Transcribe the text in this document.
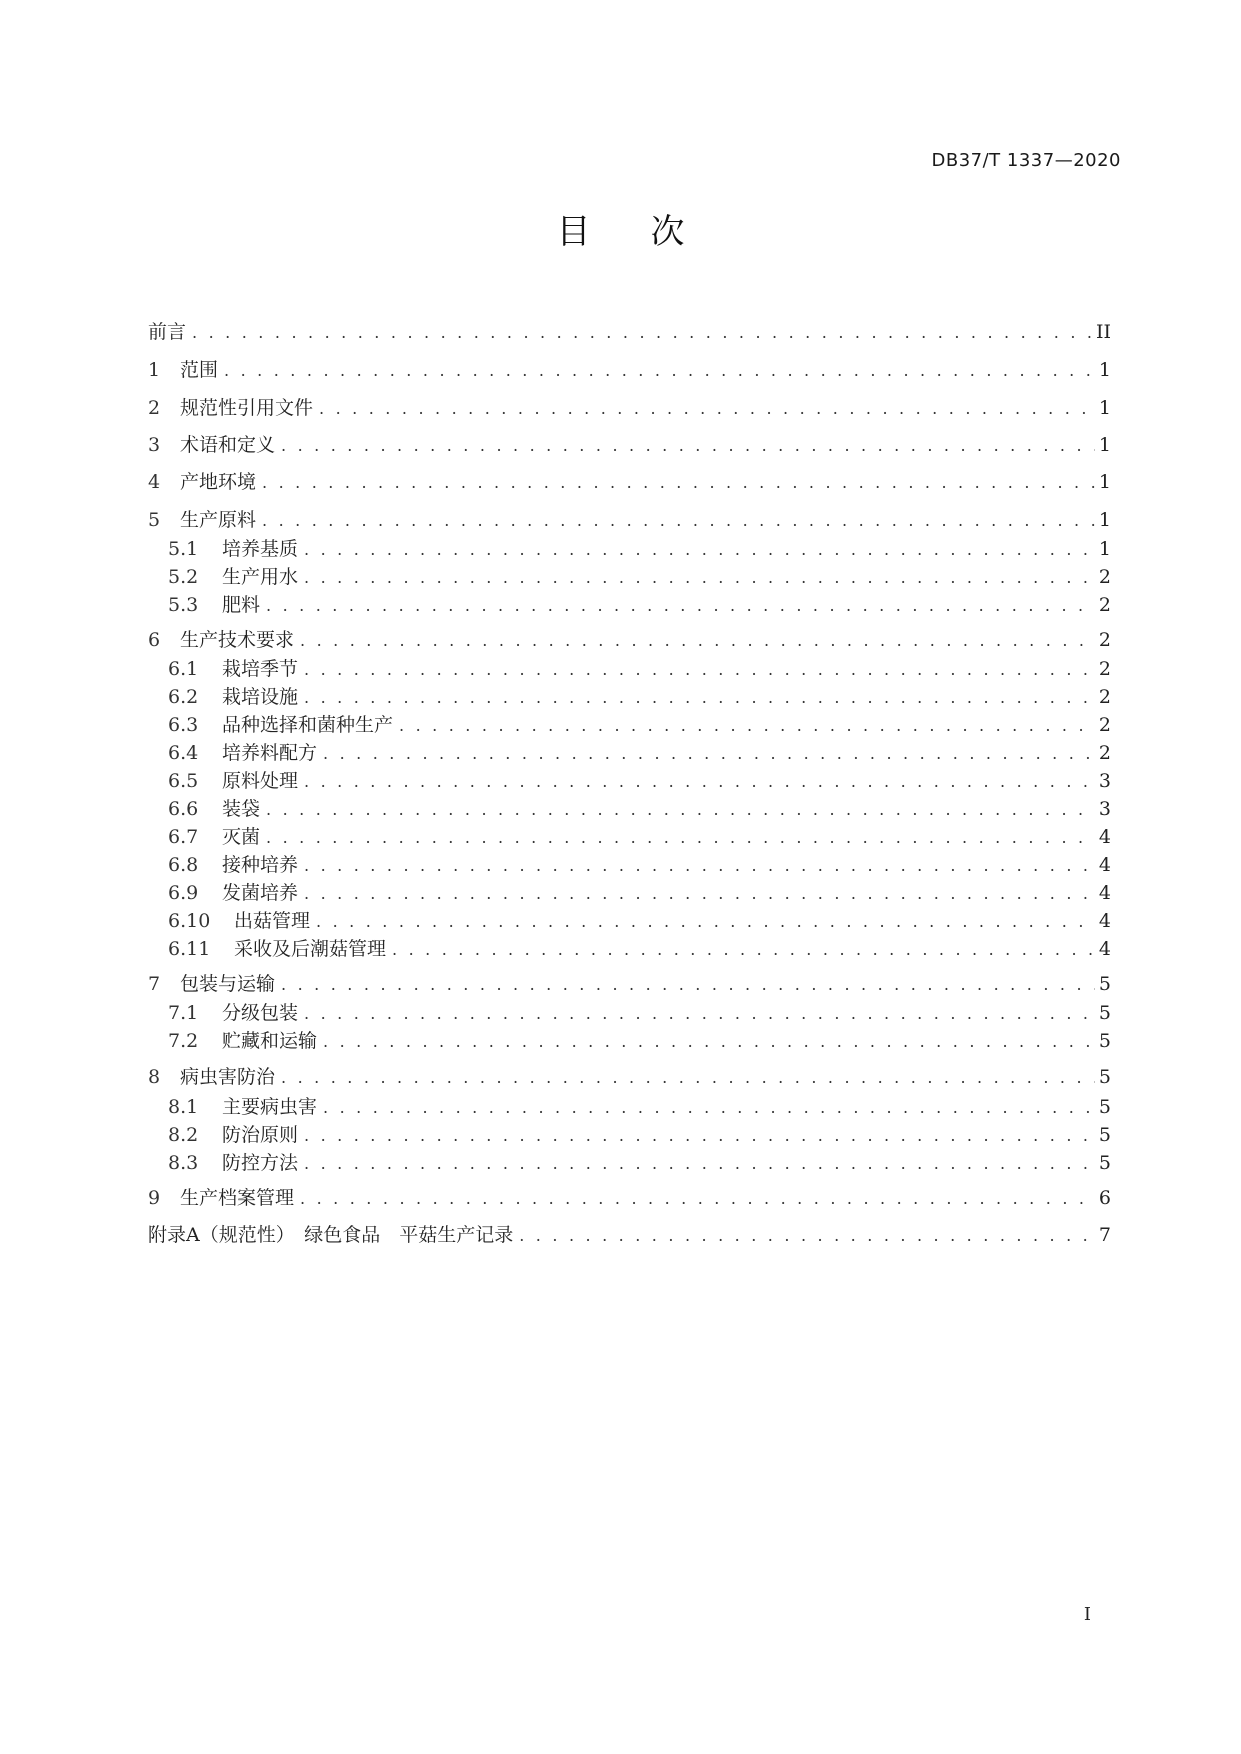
DB37/T 1337—2020
目次
前言 . . .	II
1	范围 . . .	1
2	规范性引用文件 . . .	1
3	术语和定义 . . .	1
4	产地环境 . . .	1
5	生产原料 . . .	1
5.1	培养基质 . . .	1
5.2	生产用水 . . .	2
5.3	肥料 . . .	2
6	生产技术要求 . . .	2
6.1	栽培季节 . . .	2
6.2	栽培设施 . . .	2
6.3	品种选择和菌种生产 . . .	2
6.4	培养料配方 . . .	2
6.5	原料处理 . . .	3
6.6	装袋 . . .	3
6.7	灭菌 . . .	4
6.8	接种培养 . . .	4
6.9	发菌培养 . . .	4
6.10	出菇管理 . . .	4
6.11	采收及后潮菇管理 . . .	4
7	包装与运输 . . .	5
7.1	分级包装 . . .	5
7.2	贮藏和运输 . . .	5
8	病虫害防治 . . .	5
8.1	主要病虫害 . . .	5
8.2	防治原则 . . .	5
8.3	防控方法 . . .	5
9	生产档案管理 . . .	6
附录A（规范性）　绿色食品　平菇生产记录 . . .	7
I
